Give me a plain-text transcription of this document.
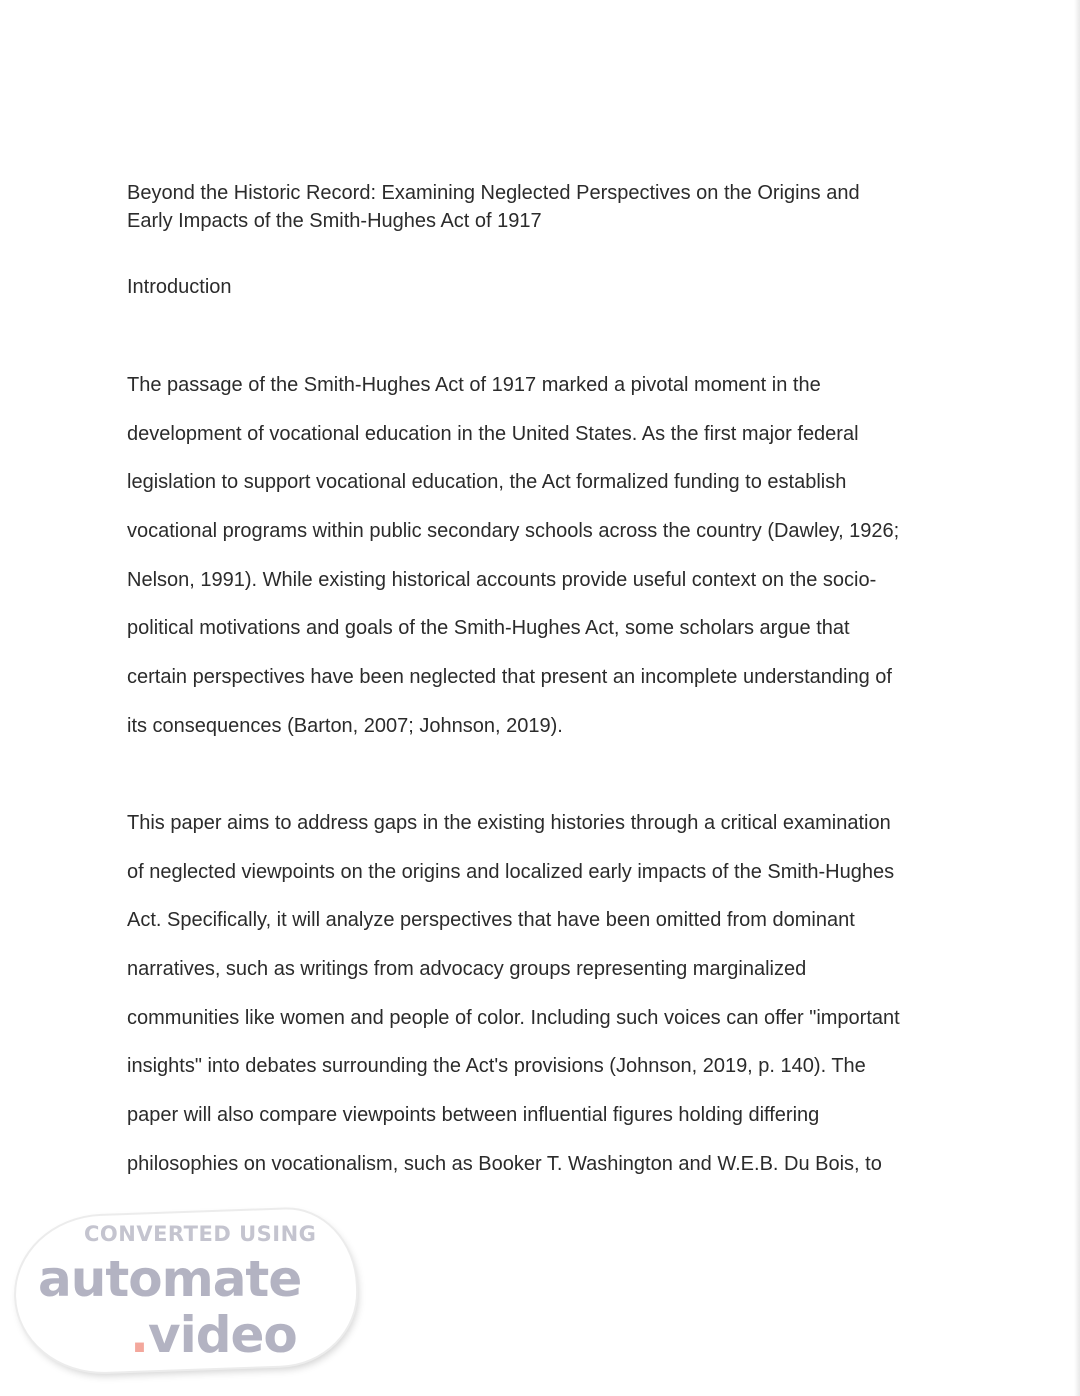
Beyond the Historic Record: Examining Neglected Perspectives on the Origins and
Early Impacts of the Smith-Hughes Act of 1917
Introduction
The passage of the Smith-Hughes Act of 1917 marked a pivotal moment in the
development of vocational education in the United States. As the first major federal
legislation to support vocational education, the Act formalized funding to establish
vocational programs within public secondary schools across the country (Dawley, 1926;
Nelson, 1991). While existing historical accounts provide useful context on the socio-
political motivations and goals of the Smith-Hughes Act, some scholars argue that
certain perspectives have been neglected that present an incomplete understanding of
its consequences (Barton, 2007; Johnson, 2019).
This paper aims to address gaps in the existing histories through a critical examination
of neglected viewpoints on the origins and localized early impacts of the Smith-Hughes
Act. Specifically, it will analyze perspectives that have been omitted from dominant
narratives, such as writings from advocacy groups representing marginalized
communities like women and people of color. Including such voices can offer "important
insights" into debates surrounding the Act's provisions (Johnson, 2019, p. 140). The
paper will also compare viewpoints between influential figures holding differing
philosophies on vocationalism, such as Booker T. Washington and W.E.B. Du Bois, to
CONVERTED USING
automate
.video
